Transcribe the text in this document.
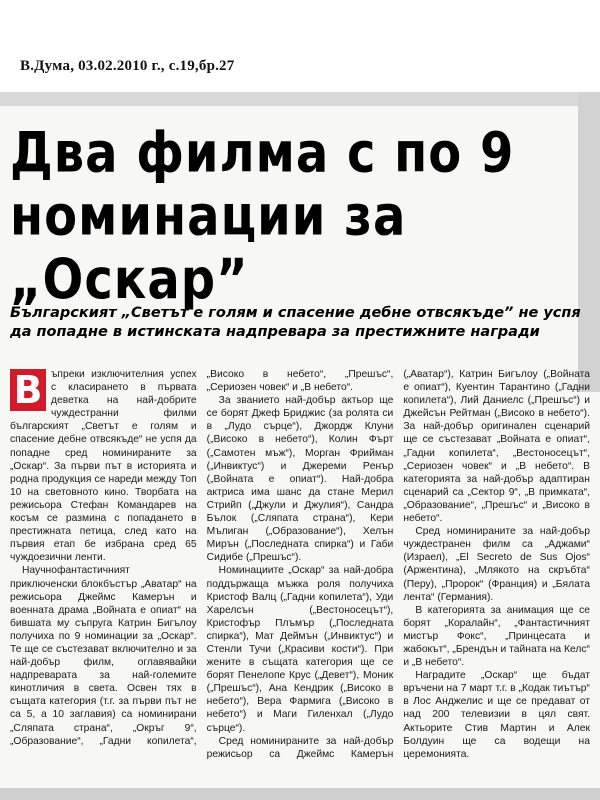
В.Дума, 03.02.2010 г., с.19,бр.27
Два филма с по 9
номинации за „Оскар”
Българският „Светът е голям и спасение дебне отвсякъде” не успя да попадне в истинската надпревара за престижните награди

В ъпреки изключителния успех с класирането в първата деветка на най-добрите чуждестранни филми българският „Светът е голям и спасение дебне отвсякъде“ не успя да попадне сред номинираните за „Оскар“. За първи път в историята и родна продукция се нареди между Топ 10 на световното кино. Творбата на режисьора Стефан Командарев на косъм се размина с попадането в престижната петица, след като на първия етап бе избрана сред 65 чуждоезични ленти.

Научнофантастичният приключенски блокбъстър „Аватар“ на режисьора Джеймс Камерън и военната драма „Войната е опиат“ на бившата му съпруга Катрин Бигълоу получиха по 9 номинации за „Оскар“. Те ще се състезават включително и за най-добър филм, оглавявайки надпреварата за най-големите кинотличия в света. Освен тях в същата категория (т.г. за първи път не са 5, а 10 заглавия) са номинирани „Сляпата страна“, „Окръг 9“, „Образование“, „Гадни копилета“, „Високо в небето“, „Прешъс“, „Сериозен човек“ и „В небето“.

За званието най-добър актьор ще се борят Джеф Бриджис (за ролята си в „Лудо сърце“), Джордж Клуни („Високо в небето“), Колин Фърт („Самотен мъж“), Морган Фрийман („Инвиктус“) и Джереми Рeнър („Войната е опиат“). Най-добра актриса има шанс да стане Мерил Стрийп („Джули и Джулия“), Сандра Бълок („Сляпата страна“), Кери Мълиган („Образование“), Хелън Мирън („Последната спирка“) и Габи Сидибе („Прешъс“).

Номинациите „Оскар“ за най-добра поддържаща мъжка роля получиха Кристоф Валц („Гадни копилета“), Уди Харелсън („Вестоносецът“), Кристофър Плъмър („Последната спирка“), Мат Деймън („Инвиктус“) и Стенли Тучи („Красиви кости“). При жените в същата категория ще се борят Пенелопе Крус („Девет“), Моник („Прешъс“), Ана Кендрик („Високо в небето“), Вера Фармига („Високо в небето“) и Маги Гиленхал („Лудо сърце“).

Сред номинираните за най-добър режисьор са Джеймс Камерън („Аватар“), Катрин Бигълоу („Войната е опиат“), Куентин Тарантино („Гадни копилета“), Лий Даниелс („Прешъс“) и Джейсън Рейтман („Високо в небето“). За най-добър оригинален сценарий ще се състезават „Войната е опиат“, „Гадни копилета“, „Вестоносецът“, „Сериозен човек“ и „В небето“. В категорията за най-добър адаптиран сценарий са „Сектор 9“, „В примката“, „Образование“, „Прешъс“ и „Високо в небето“.

Сред номинираните за най-добър чуждестранен филм са „Аджами“ (Израел), „El Secreto de Sus Ojos“ (Аржентина), „Млякото на скръбта“ (Перу), „Пророк“ (Франция) и „Бялата лента“ (Германия).

В категорията за анимация ще се борят „Коралайн“, „Фантастичният мистър Фокс“, „Принцесата и жабокът“, „Брендън и тайната на Келс“ и „В небето“.

Наградите „Оскар“ ще бъдат връчени на 7 март т.г. в „Кодак тиътър“ в Лос Анджелис и ще се предават от над 200 телевизии в цял свят. Актьорите Стив Мартин и Алек Болдуин ще са водещи на церемонията.
